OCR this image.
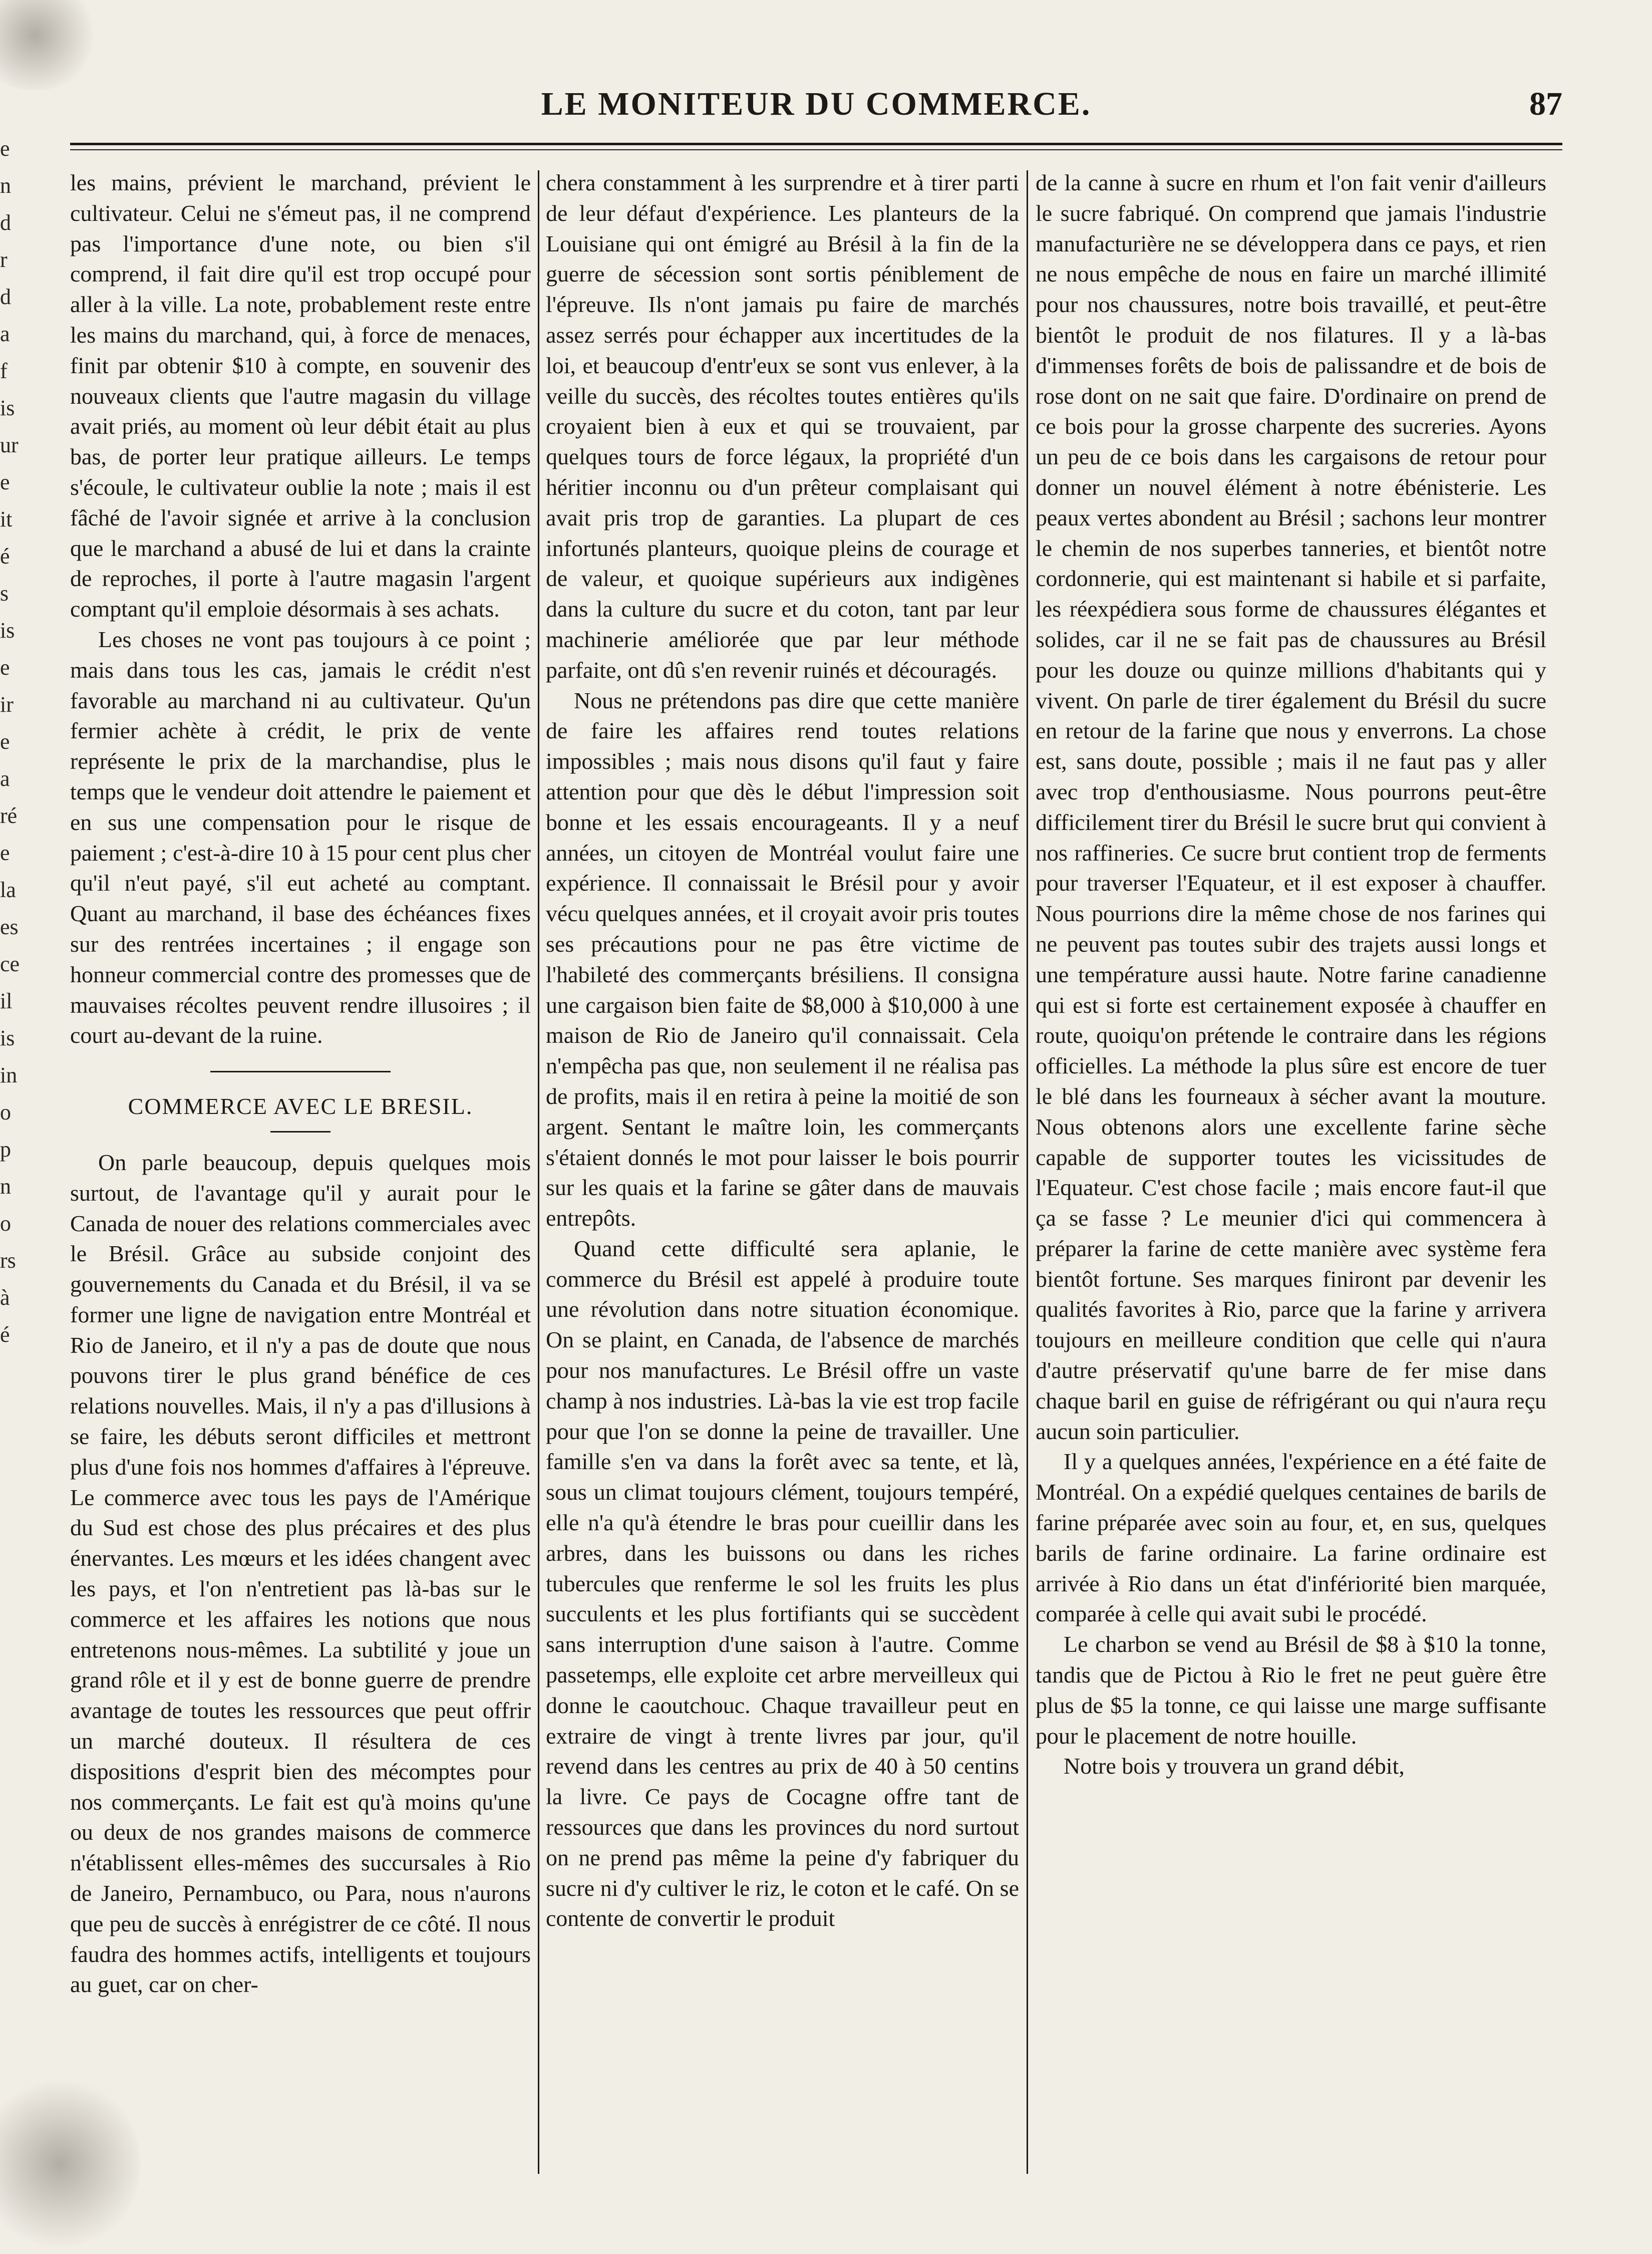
e
n
d
r
d
a
f
is
ur
e
it
é
s
is
e
ir
e
a
ré
e
la
es
ce
il
is
in
o
p
n
o
rs
à
é
LE MONITEUR DU COMMERCE.	87

les mains, prévient le marchand, prévient le cultivateur. Celui ne s'émeut pas, il ne comprend pas l'importance d'une note, ou bien s'il comprend, il fait dire qu'il est trop occupé pour aller à la ville. La note, probablement reste entre les mains du marchand, qui, à force de menaces, finit par obtenir $10 à compte, en souvenir des nouveaux clients que l'autre magasin du village avait priés, au moment où leur débit était au plus bas, de porter leur pratique ailleurs. Le temps s'écoule, le cultivateur oublie la note ; mais il est fâché de l'avoir signée et arrive à la conclusion que le marchand a abusé de lui et dans la crainte de reproches, il porte à l'autre magasin l'argent comptant qu'il emploie désormais à ses achats.

Les choses ne vont pas toujours à ce point ; mais dans tous les cas, jamais le crédit n'est favorable au marchand ni au cultivateur. Qu'un fermier achète à crédit, le prix de vente représente le prix de la marchandise, plus le temps que le vendeur doit attendre le paiement et en sus une compensation pour le risque de paiement ; c'est-à-dire 10 à 15 pour cent plus cher qu'il n'eut payé, s'il eut acheté au comptant. Quant au marchand, il base des échéances fixes sur des rentrées incertaines ; il engage son honneur commercial contre des promesses que de mauvaises récoltes peuvent rendre illusoires ; il court au-devant de la ruine.

COMMERCE AVEC LE BRESIL.

On parle beaucoup, depuis quelques mois surtout, de l'avantage qu'il y aurait pour le Canada de nouer des relations commerciales avec le Brésil. Grâce au subside conjoint des gouvernements du Canada et du Brésil, il va se former une ligne de navigation entre Montréal et Rio de Janeiro, et il n'y a pas de doute que nous pouvons tirer le plus grand bénéfice de ces relations nouvelles. Mais, il n'y a pas d'illusions à se faire, les débuts seront difficiles et mettront plus d'une fois nos hommes d'affaires à l'épreuve. Le commerce avec tous les pays de l'Amérique du Sud est chose des plus précaires et des plus énervantes. Les mœurs et les idées changent avec les pays, et l'on n'entretient pas là-bas sur le commerce et les affaires les notions que nous entretenons nous-mêmes. La subtilité y joue un grand rôle et il y est de bonne guerre de prendre avantage de toutes les ressources que peut offrir un marché douteux. Il résultera de ces dispositions d'esprit bien des mécomptes pour nos commerçants. Le fait est qu'à moins qu'une ou deux de nos grandes maisons de commerce n'établissent elles-mêmes des succursales à Rio de Janeiro, Pernambuco, ou Para, nous n'aurons que peu de succès à enrégistrer de ce côté. Il nous faudra des hommes actifs, intelligents et toujours au guet, car on cher-

chera constamment à les surprendre et à tirer parti de leur défaut d'expérience. Les planteurs de la Louisiane qui ont émigré au Brésil à la fin de la guerre de sécession sont sortis péniblement de l'épreuve. Ils n'ont jamais pu faire de marchés assez serrés pour échapper aux incertitudes de la loi, et beaucoup d'entr'eux se sont vus enlever, à la veille du succès, des récoltes toutes entières qu'ils croyaient bien à eux et qui se trouvaient, par quelques tours de force légaux, la propriété d'un héritier inconnu ou d'un prêteur complaisant qui avait pris trop de garanties. La plupart de ces infortunés planteurs, quoique pleins de courage et de valeur, et quoique supérieurs aux indigènes dans la culture du sucre et du coton, tant par leur machinerie améliorée que par leur méthode parfaite, ont dû s'en revenir ruinés et découragés.

Nous ne prétendons pas dire que cette manière de faire les affaires rend toutes relations impossibles ; mais nous disons qu'il faut y faire attention pour que dès le début l'impression soit bonne et les essais encourageants. Il y a neuf années, un citoyen de Montréal voulut faire une expérience. Il connaissait le Brésil pour y avoir vécu quelques années, et il croyait avoir pris toutes ses précautions pour ne pas être victime de l'habileté des commerçants brésiliens. Il consigna une cargaison bien faite de $8,000 à $10,000 à une maison de Rio de Janeiro qu'il connaissait. Cela n'empêcha pas que, non seulement il ne réalisa pas de profits, mais il en retira à peine la moitié de son argent. Sentant le maître loin, les commerçants s'étaient donnés le mot pour laisser le bois pourrir sur les quais et la farine se gâter dans de mauvais entrepôts.

Quand cette difficulté sera aplanie, le commerce du Brésil est appelé à produire toute une révolution dans notre situation économique. On se plaint, en Canada, de l'absence de marchés pour nos manufactures. Le Brésil offre un vaste champ à nos industries. Là-bas la vie est trop facile pour que l'on se donne la peine de travailler. Une famille s'en va dans la forêt avec sa tente, et là, sous un climat toujours clément, toujours tempéré, elle n'a qu'à étendre le bras pour cueillir dans les arbres, dans les buissons ou dans les riches tubercules que renferme le sol les fruits les plus succulents et les plus fortifiants qui se succèdent sans interruption d'une saison à l'autre. Comme passetemps, elle exploite cet arbre merveilleux qui donne le caoutchouc. Chaque travailleur peut en extraire de vingt à trente livres par jour, qu'il revend dans les centres au prix de 40 à 50 centins la livre. Ce pays de Cocagne offre tant de ressources que dans les provinces du nord surtout on ne prend pas même la peine d'y fabriquer du sucre ni d'y cultiver le riz, le coton et le café. On se contente de convertir le produit

de la canne à sucre en rhum et l'on fait venir d'ailleurs le sucre fabriqué. On comprend que jamais l'industrie manufacturière ne se développera dans ce pays, et rien ne nous empêche de nous en faire un marché illimité pour nos chaussures, notre bois travaillé, et peut-être bientôt le produit de nos filatures. Il y a là-bas d'immenses forêts de bois de palissandre et de bois de rose dont on ne sait que faire. D'ordinaire on prend de ce bois pour la grosse charpente des sucreries. Ayons un peu de ce bois dans les cargaisons de retour pour donner un nouvel élément à notre ébénisterie. Les peaux vertes abondent au Brésil ; sachons leur montrer le chemin de nos superbes tanneries, et bientôt notre cordonnerie, qui est maintenant si habile et si parfaite, les réexpédiera sous forme de chaussures élégantes et solides, car il ne se fait pas de chaussures au Brésil pour les douze ou quinze millions d'habitants qui y vivent. On parle de tirer également du Brésil du sucre en retour de la farine que nous y enverrons. La chose est, sans doute, possible ; mais il ne faut pas y aller avec trop d'enthousiasme. Nous pourrons peut-être difficilement tirer du Brésil le sucre brut qui convient à nos raffineries. Ce sucre brut contient trop de ferments pour traverser l'Equateur, et il est exposer à chauffer. Nous pourrions dire la même chose de nos farines qui ne peuvent pas toutes subir des trajets aussi longs et une température aussi haute. Notre farine canadienne qui est si forte est certainement exposée à chauffer en route, quoiqu'on prétende le contraire dans les régions officielles. La méthode la plus sûre est encore de tuer le blé dans les fourneaux à sécher avant la mouture. Nous obtenons alors une excellente farine sèche capable de supporter toutes les vicissitudes de l'Equateur. C'est chose facile ; mais encore faut-il que ça se fasse ? Le meunier d'ici qui commencera à préparer la farine de cette manière avec système fera bientôt fortune. Ses marques finiront par devenir les qualités favorites à Rio, parce que la farine y arrivera toujours en meilleure condition que celle qui n'aura d'autre préservatif qu'une barre de fer mise dans chaque baril en guise de réfrigérant ou qui n'aura reçu aucun soin particulier.

Il y a quelques années, l'expérience en a été faite de Montréal. On a expédié quelques centaines de barils de farine préparée avec soin au four, et, en sus, quelques barils de farine ordinaire. La farine ordinaire est arrivée à Rio dans un état d'infériorité bien marquée, comparée à celle qui avait subi le procédé.

Le charbon se vend au Brésil de $8 à $10 la tonne, tandis que de Pictou à Rio le fret ne peut guère être plus de $5 la tonne, ce qui laisse une marge suffisante pour le placement de notre houille.

Notre bois y trouvera un grand débit,
